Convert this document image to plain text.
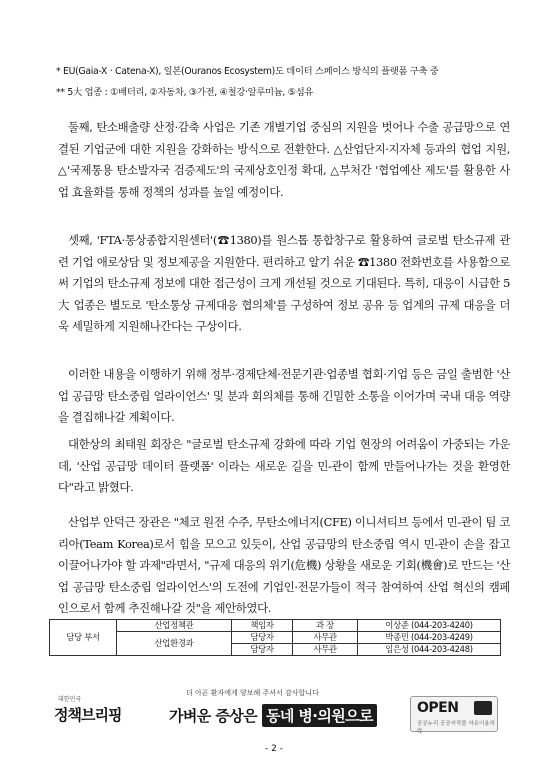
* EU(Gaia-X · Catena-X), 일본(Ouranos Ecosystem)도 데이터 스페이스 방식의 플랫폼 구축 중
** 5大 업종 : ①배터리, ②자동차, ③가전, ④철강·알루미늄, ⑤섬유

둘째, 탄소배출량 산정·감축 사업은 기존 개별기업 중심의 지원을 벗어나 수출 공급망으로 연결된 기업군에 대한 지원을 강화하는 방식으로 전환한다. △산업단지·지자체 등과의 협업 지원, △'국제통용 탄소발자국 검증제도'의 국제상호인정 확대, △부처간 '협업예산 제도'를 활용한 사업 효율화를 통해 정책의 성과를 높일 예정이다.

셋째, 'FTA·통상종합지원센터'(☎1380)를 원스톱 통합창구로 활용하여 글로벌 탄소규제 관련 기업 애로상담 및 정보제공을 지원한다. 편리하고 알기 쉬운 ☎1380 전화번호를 사용함으로써 기업의 탄소규제 정보에 대한 접근성이 크게 개선될 것으로 기대된다. 특히, 대응이 시급한 5大 업종은 별도로 '탄소통상 규제대응 협의체'를 구성하여 정보 공유 등 업계의 규제 대응을 더욱 세밀하게 지원해나간다는 구상이다.

이러한 내용을 이행하기 위해 정부·경제단체·전문기관·업종별 협회·기업 등은 금일 출범한 '산업 공급망 탄소중립 얼라이언스' 및 분과 회의체를 통해 긴밀한 소통을 이어가며 국내 대응 역량을 결집해나갈 계획이다.

대한상의 최태원 회장은 "글로벌 탄소규제 강화에 따라 기업 현장의 어려움이 가중되는 가운데, '산업 공급망 데이터 플랫폼' 이라는 새로운 길을 민-관이 함께 만들어나가는 것을 환영한다"라고 밝혔다.

산업부 안덕근 장관은 "체코 원전 수주, 무탄소에너지(CFE) 이니셔티브 등에서 민-관이 팀 코리아(Team Korea)로서 힘을 모으고 있듯이, 산업 공급망의 탄소중립 역시 민-관이 손을 잡고 이끌어나가야 할 과제"라면서, "규제 대응의 위기(危機) 상황을 새로운 기회(機會)로 만드는 '산업 공급망 탄소중립 얼라이언스'의 도전에 기업인·전문가들이 적극 참여하여 산업 혁신의 캠페인으로서 함께 추진해나갈 것"을 제안하였다.

담당 부서	산업정책관	책임자	과 장	이상준 (044-203-4240)
	산업환경과	담당자	사무관	박종민 (044-203-4249)
		담당자	사무관	임은성 (044-203-4248)
대한민국
정책브리핑
더 아픈 환자에게 양보해 주셔서 감사합니다
가벼운 증상은 동네 병·의원으로	OPEN
공공누리 공공저작물 자유이용허락
- 2 -
